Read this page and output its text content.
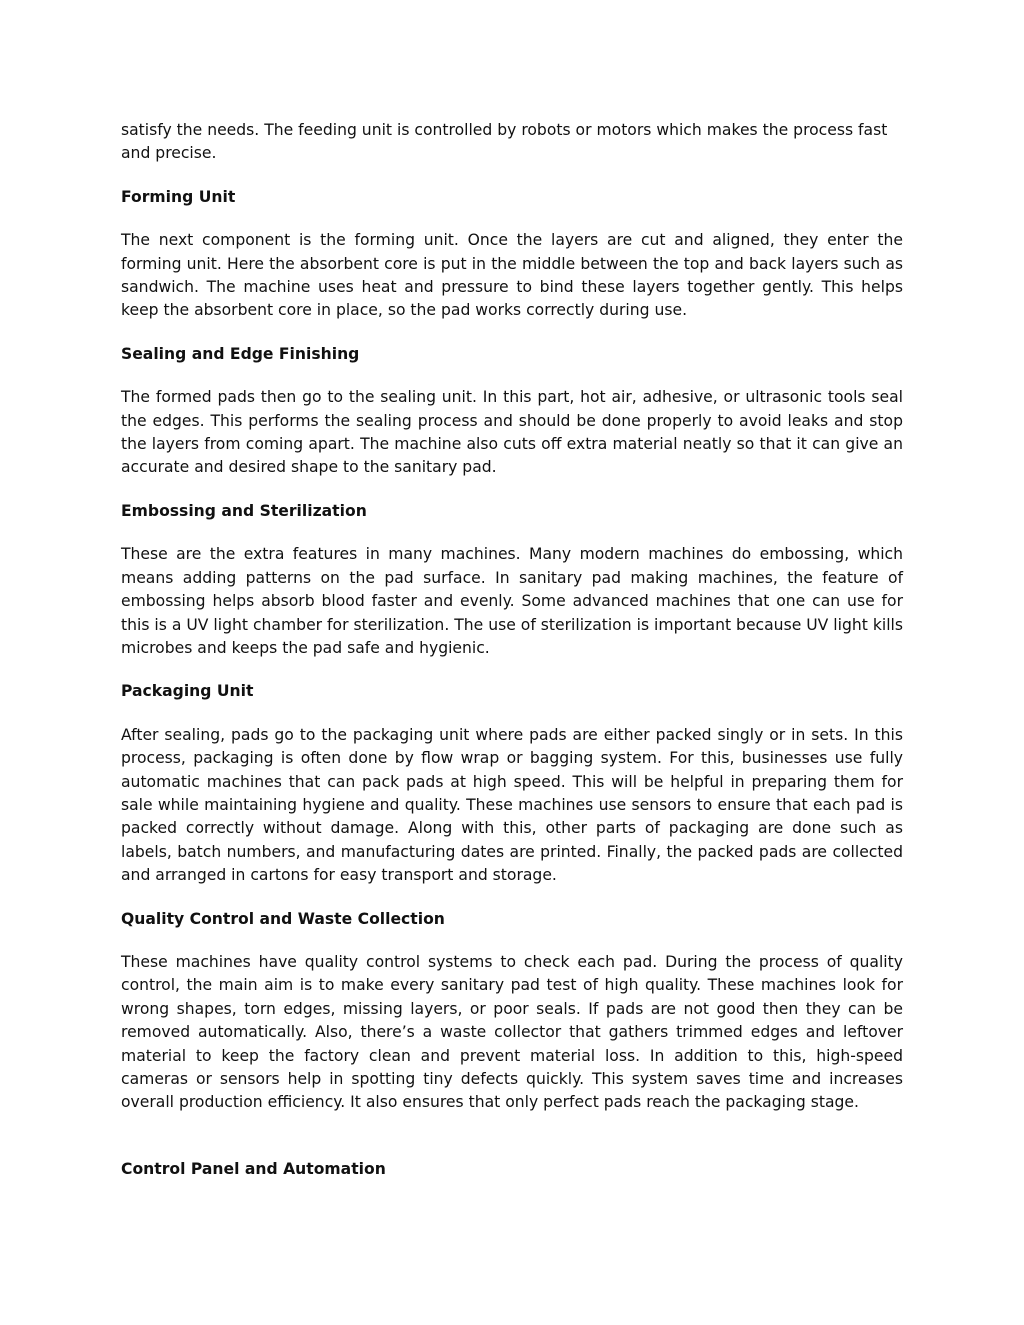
satisfy the needs. The feeding unit is controlled by robots or motors which makes the process fast and precise.

Forming Unit

The next component is the forming unit. Once the layers are cut and aligned, they enter the forming unit. Here the absorbent core is put in the middle between the top and back layers such as sandwich. The machine uses heat and pressure to bind these layers together gently. This helps keep the absorbent core in place, so the pad works correctly during use.

Sealing and Edge Finishing

The formed pads then go to the sealing unit. In this part, hot air, adhesive, or ultrasonic tools seal the edges. This performs the sealing process and should be done properly to avoid leaks and stop the layers from coming apart. The machine also cuts off extra material neatly so that it can give an accurate and desired shape to the sanitary pad.

Embossing and Sterilization

These are the extra features in many machines. Many modern machines do embossing, which means adding patterns on the pad surface. In sanitary pad making machines, the feature of embossing helps absorb blood faster and evenly. Some advanced machines that one can use for this is a UV light chamber for sterilization. The use of sterilization is important because UV light kills microbes and keeps the pad safe and hygienic.

Packaging Unit

After sealing, pads go to the packaging unit where pads are either packed singly or in sets. In this process, packaging is often done by flow wrap or bagging system. For this, businesses use fully automatic machines that can pack pads at high speed. This will be helpful in preparing them for sale while maintaining hygiene and quality. These machines use sensors to ensure that each pad is packed correctly without damage. Along with this, other parts of packaging are done such as labels, batch numbers, and manufacturing dates are printed. Finally, the packed pads are collected and arranged in cartons for easy transport and storage.

Quality Control and Waste Collection

These machines have quality control systems to check each pad. During the process of quality control, the main aim is to make every sanitary pad test of high quality. These machines look for wrong shapes, torn edges, missing layers, or poor seals. If pads are not good then they can be removed automatically. Also, there’s a waste collector that gathers trimmed edges and leftover material to keep the factory clean and prevent material loss. In addition to this, high-speed cameras or sensors help in spotting tiny defects quickly. This system saves time and increases overall production efficiency. It also ensures that only perfect pads reach the packaging stage.

Control Panel and Automation
